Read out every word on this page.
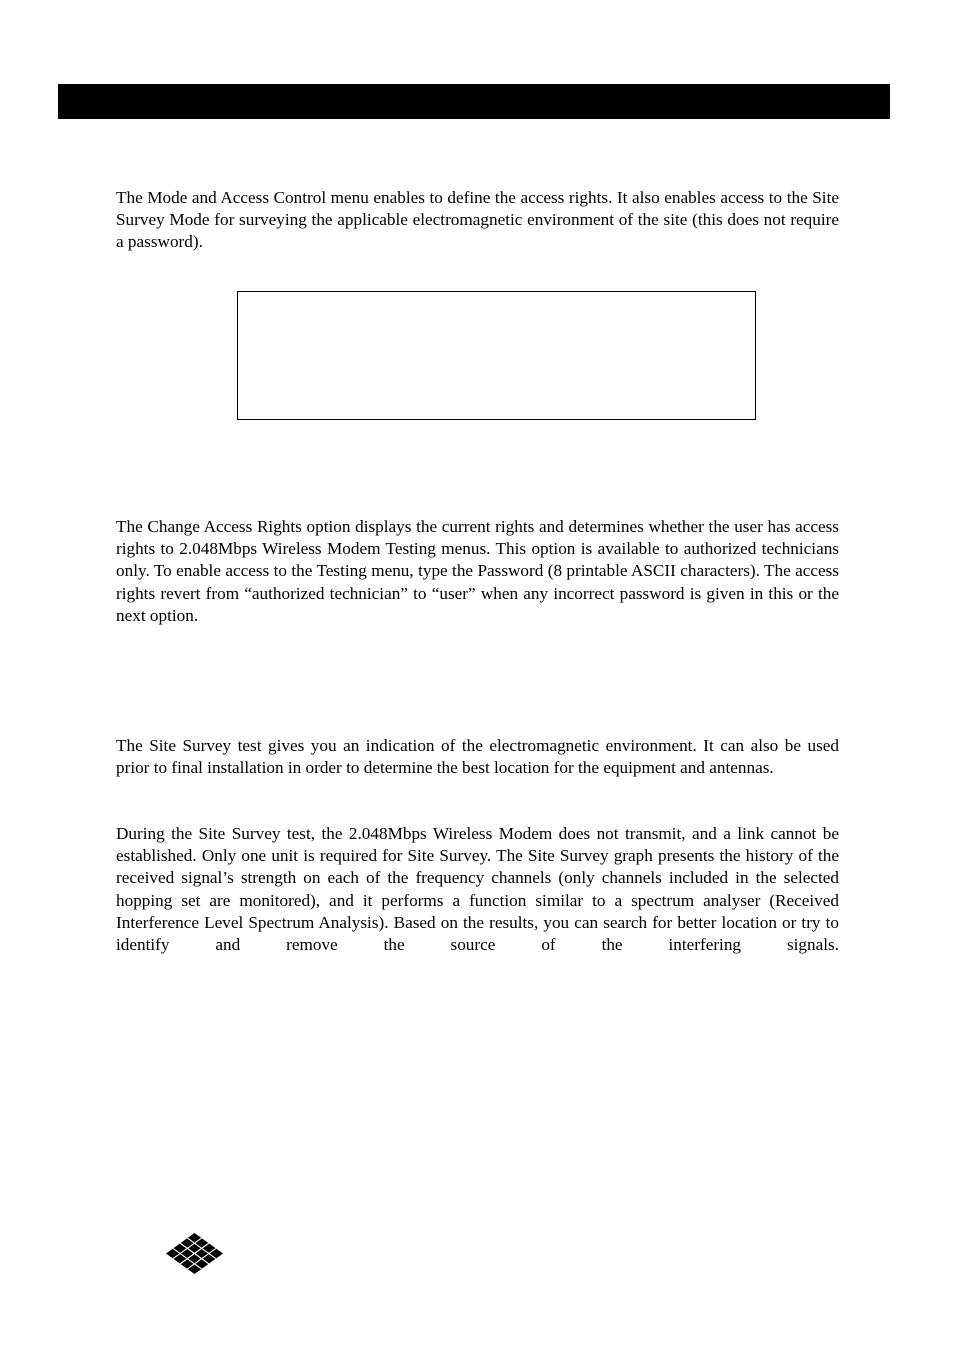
The Mode and Access Control menu enables to define the access rights. It also enables access to the Site Survey Mode for surveying the applicable electromagnetic environment of the site (this does not require a password).

The Change Access Rights option displays the current rights and determines whether the user has access rights to 2.048Mbps Wireless Modem Testing menus. This option is available to authorized technicians only. To enable access to the Testing menu, type the Password (8 printable ASCII characters). The access rights revert from “authorized technician” to “user” when any incorrect password is given in this or the next option.

The Site Survey test gives you an indication of the electromagnetic environment. It can also be used prior to final installation in order to determine the best location for the equipment and antennas.

During the Site Survey test, the 2.048Mbps Wireless Modem does not transmit, and a link cannot be established. Only one unit is required for Site Survey. The Site Survey graph presents the history of the received signal’s strength on each of the frequency channels (only channels included in the selected hopping set are monitored), and it performs a function similar to a spectrum analyser (Received Interference Level Spectrum Analysis). Based on the results, you can search for better location or try to identify and remove the source of the interfering signals.
